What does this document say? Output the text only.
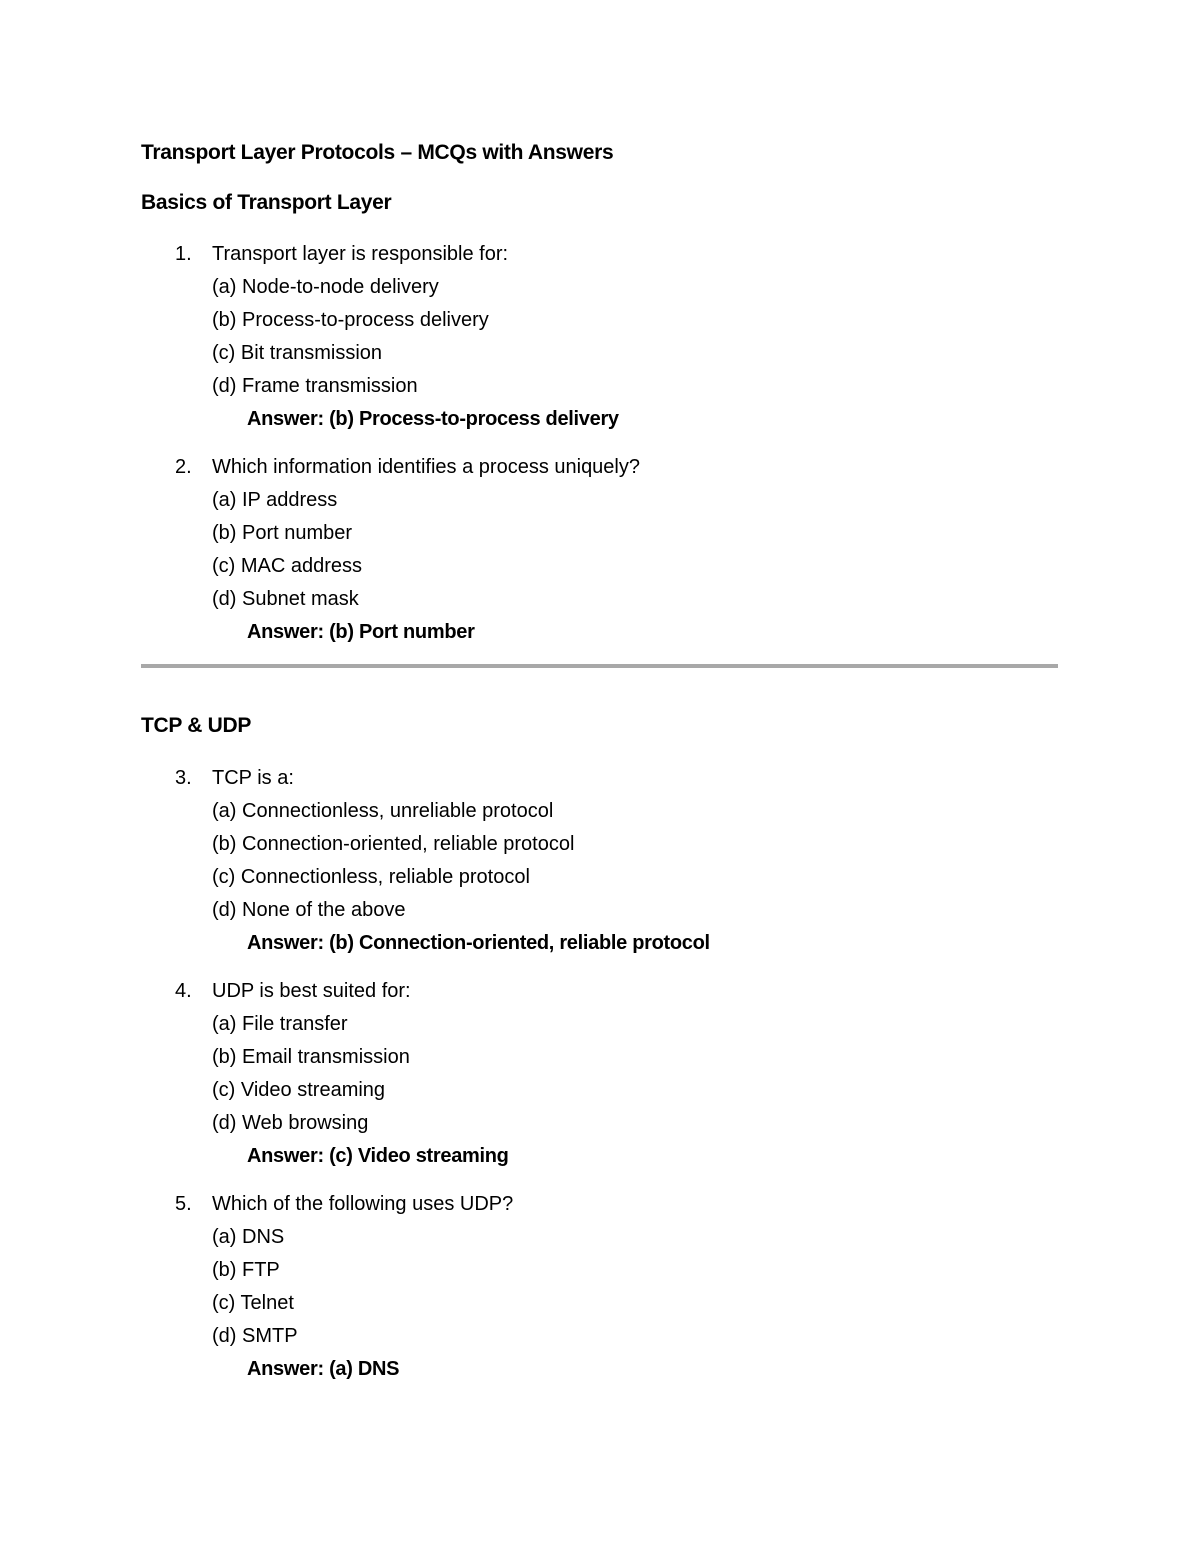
Transport Layer Protocols – MCQs with Answers
Basics of Transport Layer
1. Transport layer is responsible for:
(a) Node-to-node delivery
(b) Process-to-process delivery
(c) Bit transmission
(d) Frame transmission
Answer: (b) Process-to-process delivery
2. Which information identifies a process uniquely?
(a) IP address
(b) Port number
(c) MAC address
(d) Subnet mask
Answer: (b) Port number
TCP & UDP
3. TCP is a:
(a) Connectionless, unreliable protocol
(b) Connection-oriented, reliable protocol
(c) Connectionless, reliable protocol
(d) None of the above
Answer: (b) Connection-oriented, reliable protocol
4. UDP is best suited for:
(a) File transfer
(b) Email transmission
(c) Video streaming
(d) Web browsing
Answer: (c) Video streaming
5. Which of the following uses UDP?
(a) DNS
(b) FTP
(c) Telnet
(d) SMTP
Answer: (a) DNS
